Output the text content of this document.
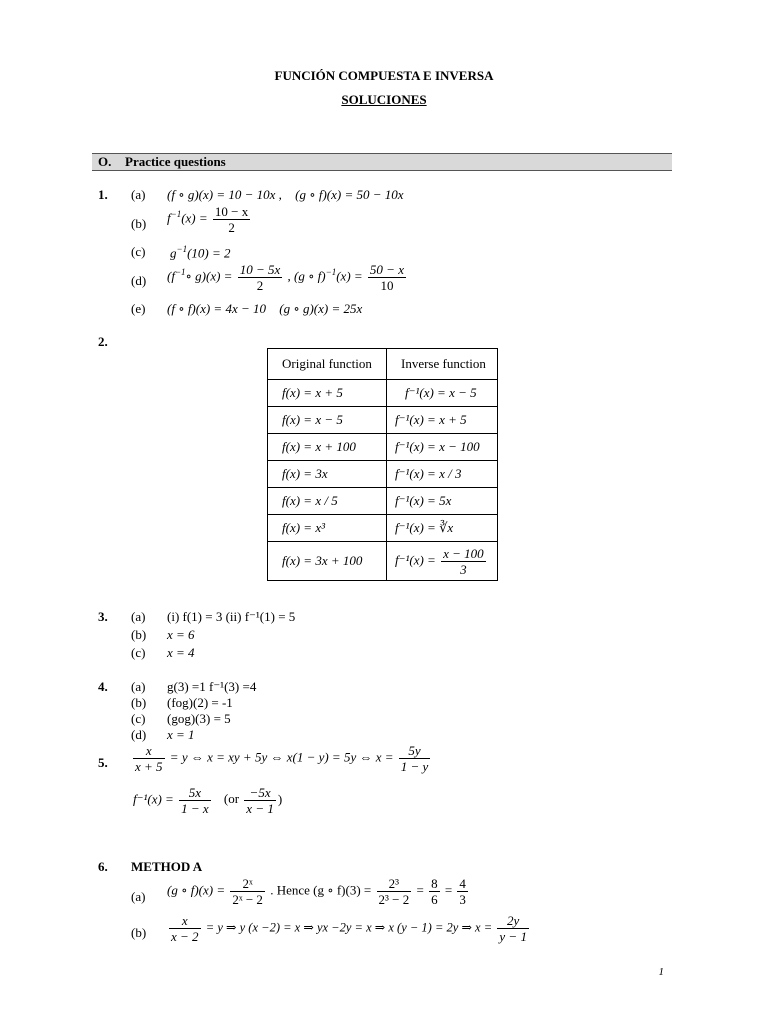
FUNCIÓN COMPUESTA E INVERSA
SOLUCIONES
O. Practice questions
1. (a) (f ∘ g)(x) = 10 − 10x , (g ∘ f)(x) = 50 − 10x
(b) $f^{-1}(x) = \frac{10 - x}{2}$
(c) $g^{-1}(10) = 2$
(d) ($f^{-1}\circ$ $g)(x) = \frac{10 - 5x}{2}$ , (g ∘ $f)^{-1}(x) = \frac{50 - x}{10}$
(e) (f ∘ f)(x) = 4x − 10 (g ∘ g)(x) = 25x
2.
Original function	Inverse function
f(x) = x + 5	f⁻¹(x) = x − 5
f(x) = x − 5	f⁻¹(x) = x + 5
f(x) = x + 100	f⁻¹(x) = x − 100
f(x) = 3x	f⁻¹(x) = x / 3
f(x) = x / 5	f⁻¹(x) = 5x
f(x) = x³	f⁻¹(x) = ∛x
f(x) = 3x + 100	$f^{-1}(x) = \frac{x - 100}{3}$
3. (a) (i) f(1) = 3 (ii) f⁻¹(1) = 5
(b) x = 6
(c) x = 4
4. (a) g(3) =1 f⁻¹(3) =4
(b) (fοg)(2) = -1
(c) (gοg)(3) = 5
(d) x = 1
5. $\frac{x}{x + 5} = y$ ⇔ x = xy + 5y ⇔ x(1 − y) = 5y ⇔ $x = \frac{5y}{1 - y}$
$f^{-1}(x) = \frac{5x}{1 - x} (or \frac{-5x}{x - 1}$ )
6. METHOD A
(a) (g ∘ $f)(x) = \frac{\text{2ˣ}}{\text{2ˣ − 2}}$ . Hence (g ∘ $f)(3) = \frac{\text{2³}}{\text{2³ − 2}} = \frac{8}{6} = \frac{4}{3}$
$(b) \frac{x}{x - 2} = y$ ⇒ y (x −2) = x ⇒ yx −2y = x ⇒ x (y − 1) = 2y ⇒ $x = \frac{2y}{y - 1}$
1
